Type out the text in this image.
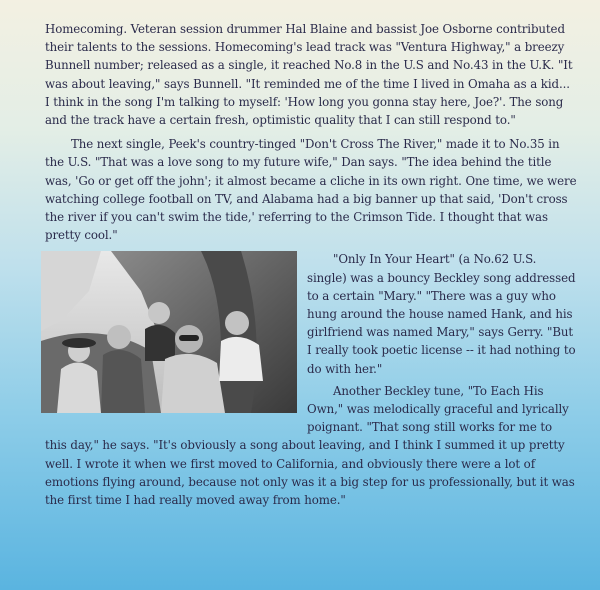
Homecoming. Veteran session drummer Hal Blaine and bassist Joe Osborne contributed their talents to the sessions. Homecoming's lead track was "Ventura Highway," a breezy Bunnell number; released as a single, it reached No.8 in the U.S and No.43 in the U.K. "It was about leaving," says Bunnell. "It reminded me of the time I lived in Omaha as a kid... I think in the song I'm talking to myself: 'How long you gonna stay here, Joe?'. The song and the track have a certain fresh, optimistic quality that I can still respond to."

The next single, Peek's country-tinged "Don't Cross The River," made it to No.35 in the U.S. "That was a love song to my future wife," Dan says. "The idea behind the title was, 'Go or get off the john'; it almost became a cliche in its own right. One time, we were watching college football on TV, and Alabama had a big banner up that said, 'Don't cross the river if you can't swim the tide,' referring to the Crimson Tide. I thought that was pretty cool."

"Only In Your Heart" (a No.62 U.S. single) was a bouncy Beckley song addressed to a certain "Mary." "There was a guy who hung around the house named Hank, and his girlfriend was named Mary," says Gerry. "But I really took poetic license -- it had nothing to do with her."

Another Beckley tune, "To Each His Own," was melodically graceful and lyrically poignant. "That song still works for me to this day," he says. "It's obviously a song about leaving, and I think I summed it up pretty well. I wrote it when we first moved to California, and obviously there were a lot of emotions flying around, because not only was it a big step for us professionally, but it was the first time I had really moved away from home."
